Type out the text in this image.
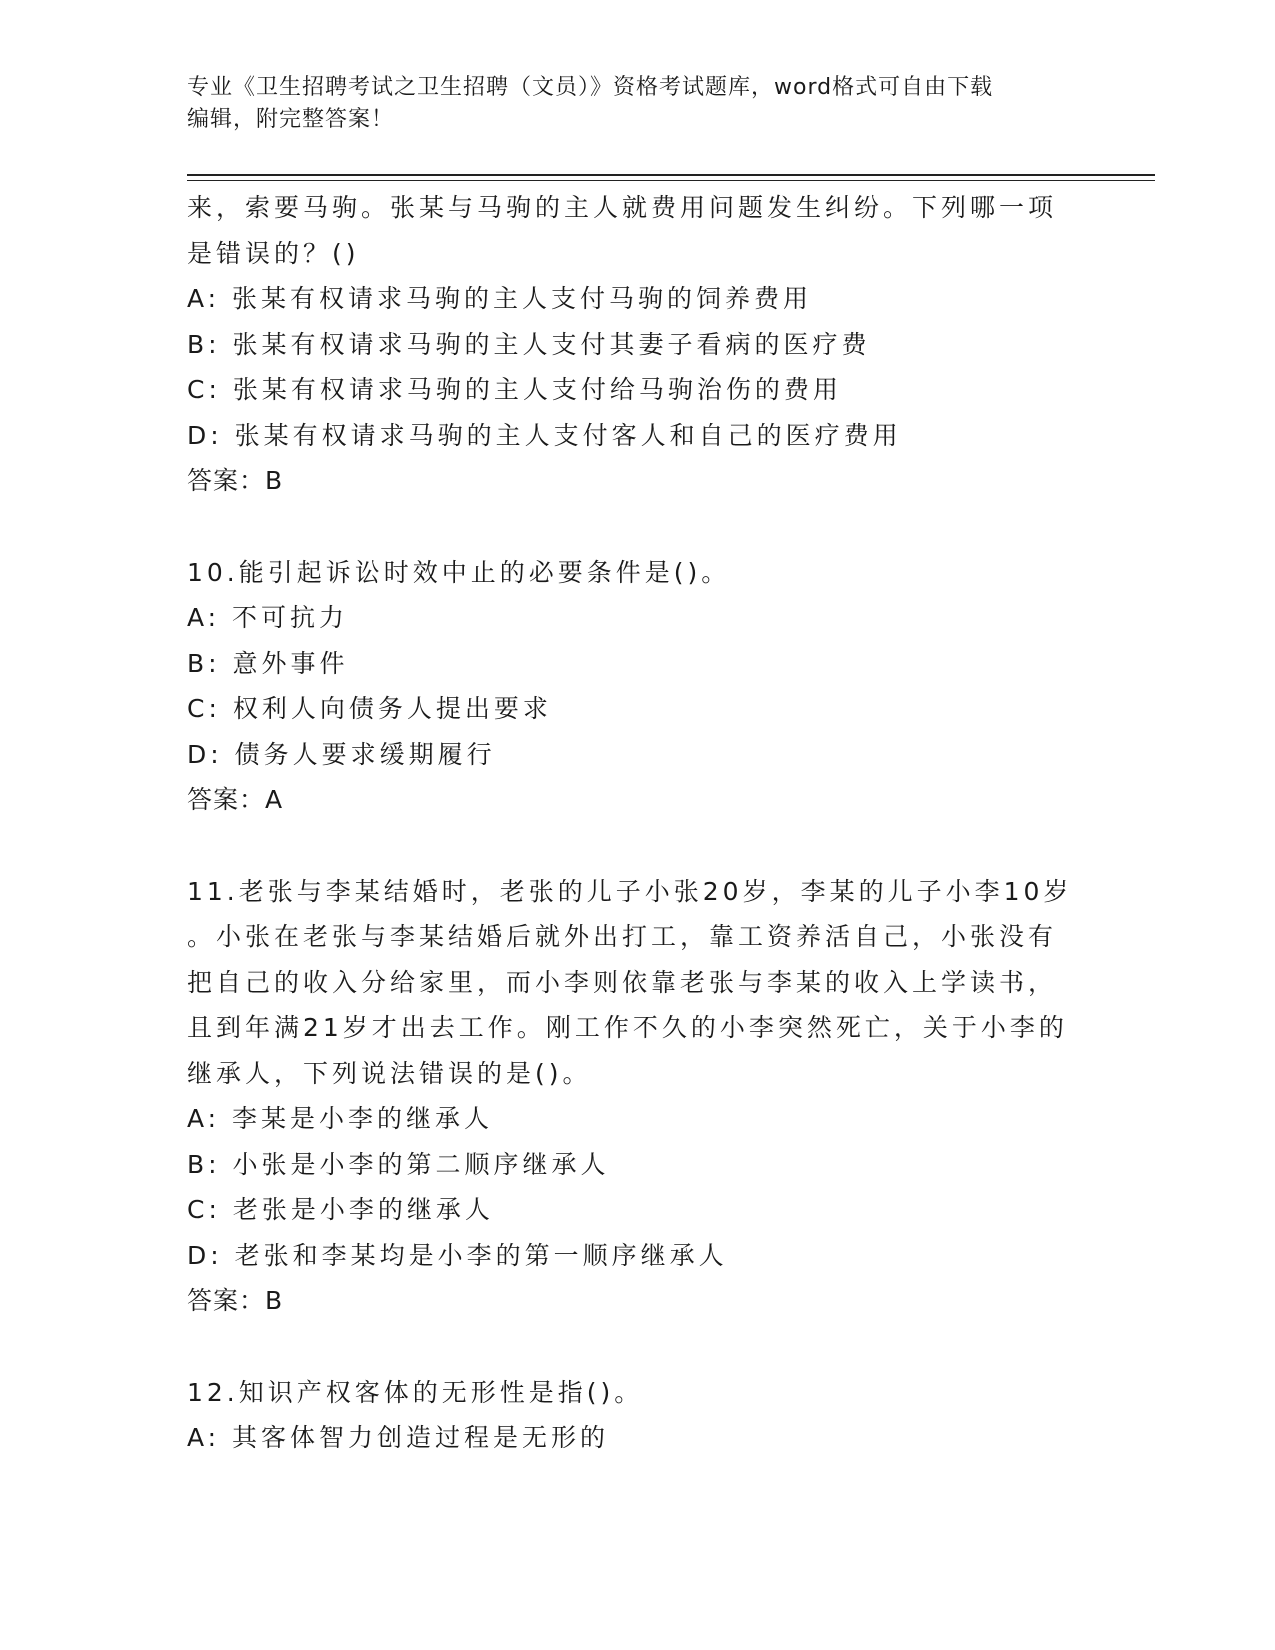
专业《卫生招聘考试之卫生招聘（文员）》资格考试题库，word格式可自由下载
编辑，附完整答案！
来，索要马驹。张某与马驹的主人就费用问题发生纠纷。下列哪一项
是错误的？()
A: 张某有权请求马驹的主人支付马驹的饲养费用
B: 张某有权请求马驹的主人支付其妻子看病的医疗费
C: 张某有权请求马驹的主人支付给马驹治伤的费用
D: 张某有权请求马驹的主人支付客人和自己的医疗费用
答案：B
10.能引起诉讼时效中止的必要条件是()。
A: 不可抗力
B: 意外事件
C: 权利人向债务人提出要求
D: 债务人要求缓期履行
答案：A
11.老张与李某结婚时，老张的儿子小张20岁，李某的儿子小李10岁
。小张在老张与李某结婚后就外出打工，靠工资养活自己，小张没有
把自己的收入分给家里，而小李则依靠老张与李某的收入上学读书，
且到年满21岁才出去工作。刚工作不久的小李突然死亡，关于小李的
继承人，下列说法错误的是()。
A: 李某是小李的继承人
B: 小张是小李的第二顺序继承人
C: 老张是小李的继承人
D: 老张和李某均是小李的第一顺序继承人
答案：B
12.知识产权客体的无形性是指()。
A: 其客体智力创造过程是无形的
